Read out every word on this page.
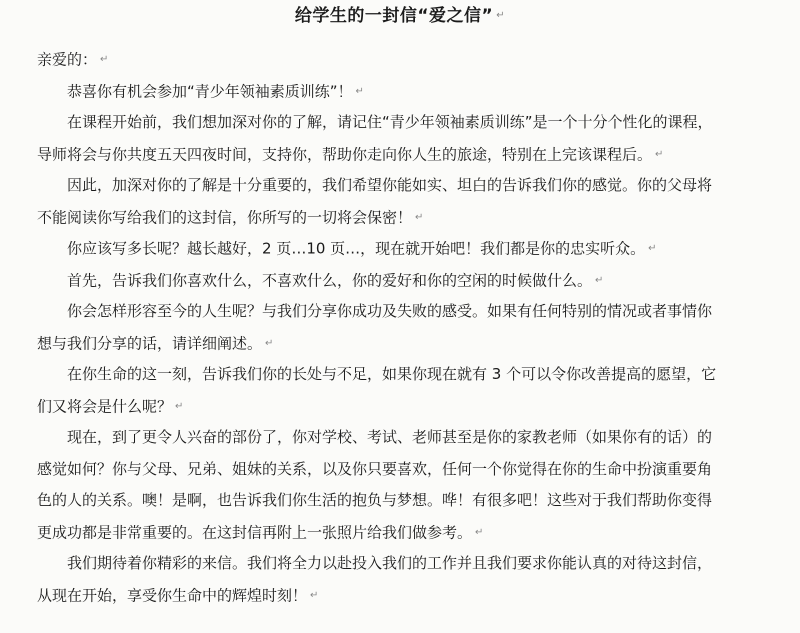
给学生的一封信“爱之信” ↵
亲爱的： ↵
恭喜你有机会参加“青少年领袖素质训练”！ ↵
在课程开始前，我们想加深对你的了解，请记住“青少年领袖素质训练”是一个十分个性化的课程，
导师将会与你共度五天四夜时间，支持你，帮助你走向你人生的旅途，特别在上完该课程后。 ↵
因此，加深对你的了解是十分重要的，我们希望你能如实、坦白的告诉我们你的感觉。你的父母将
不能阅读你写给我们的这封信，你所写的一切将会保密！ ↵
你应该写多长呢？越长越好，2 页…10 页…，现在就开始吧！我们都是你的忠实听众。 ↵
首先，告诉我们你喜欢什么，不喜欢什么，你的爱好和你的空闲的时候做什么。 ↵
你会怎样形容至今的人生呢？与我们分享你成功及失败的感受。如果有任何特别的情况或者事情你
想与我们分享的话，请详细阐述。 ↵
在你生命的这一刻，告诉我们你的长处与不足，如果你现在就有 3 个可以令你改善提高的愿望，它
们又将会是什么呢？ ↵
现在，到了更令人兴奋的部份了，你对学校、考试、老师甚至是你的家教老师（如果你有的话）的
感觉如何？你与父母、兄弟、姐妹的关系，以及你只要喜欢，任何一个你觉得在你的生命中扮演重要角
色的人的关系。噢！是啊，也告诉我们你生活的抱负与梦想。哗！有很多吧！这些对于我们帮助你变得
更成功都是非常重要的。在这封信再附上一张照片给我们做参考。 ↵
我们期待着你精彩的来信。我们将全力以赴投入我们的工作并且我们要求你能认真的对待这封信，
从现在开始，享受你生命中的辉煌时刻！ ↵
